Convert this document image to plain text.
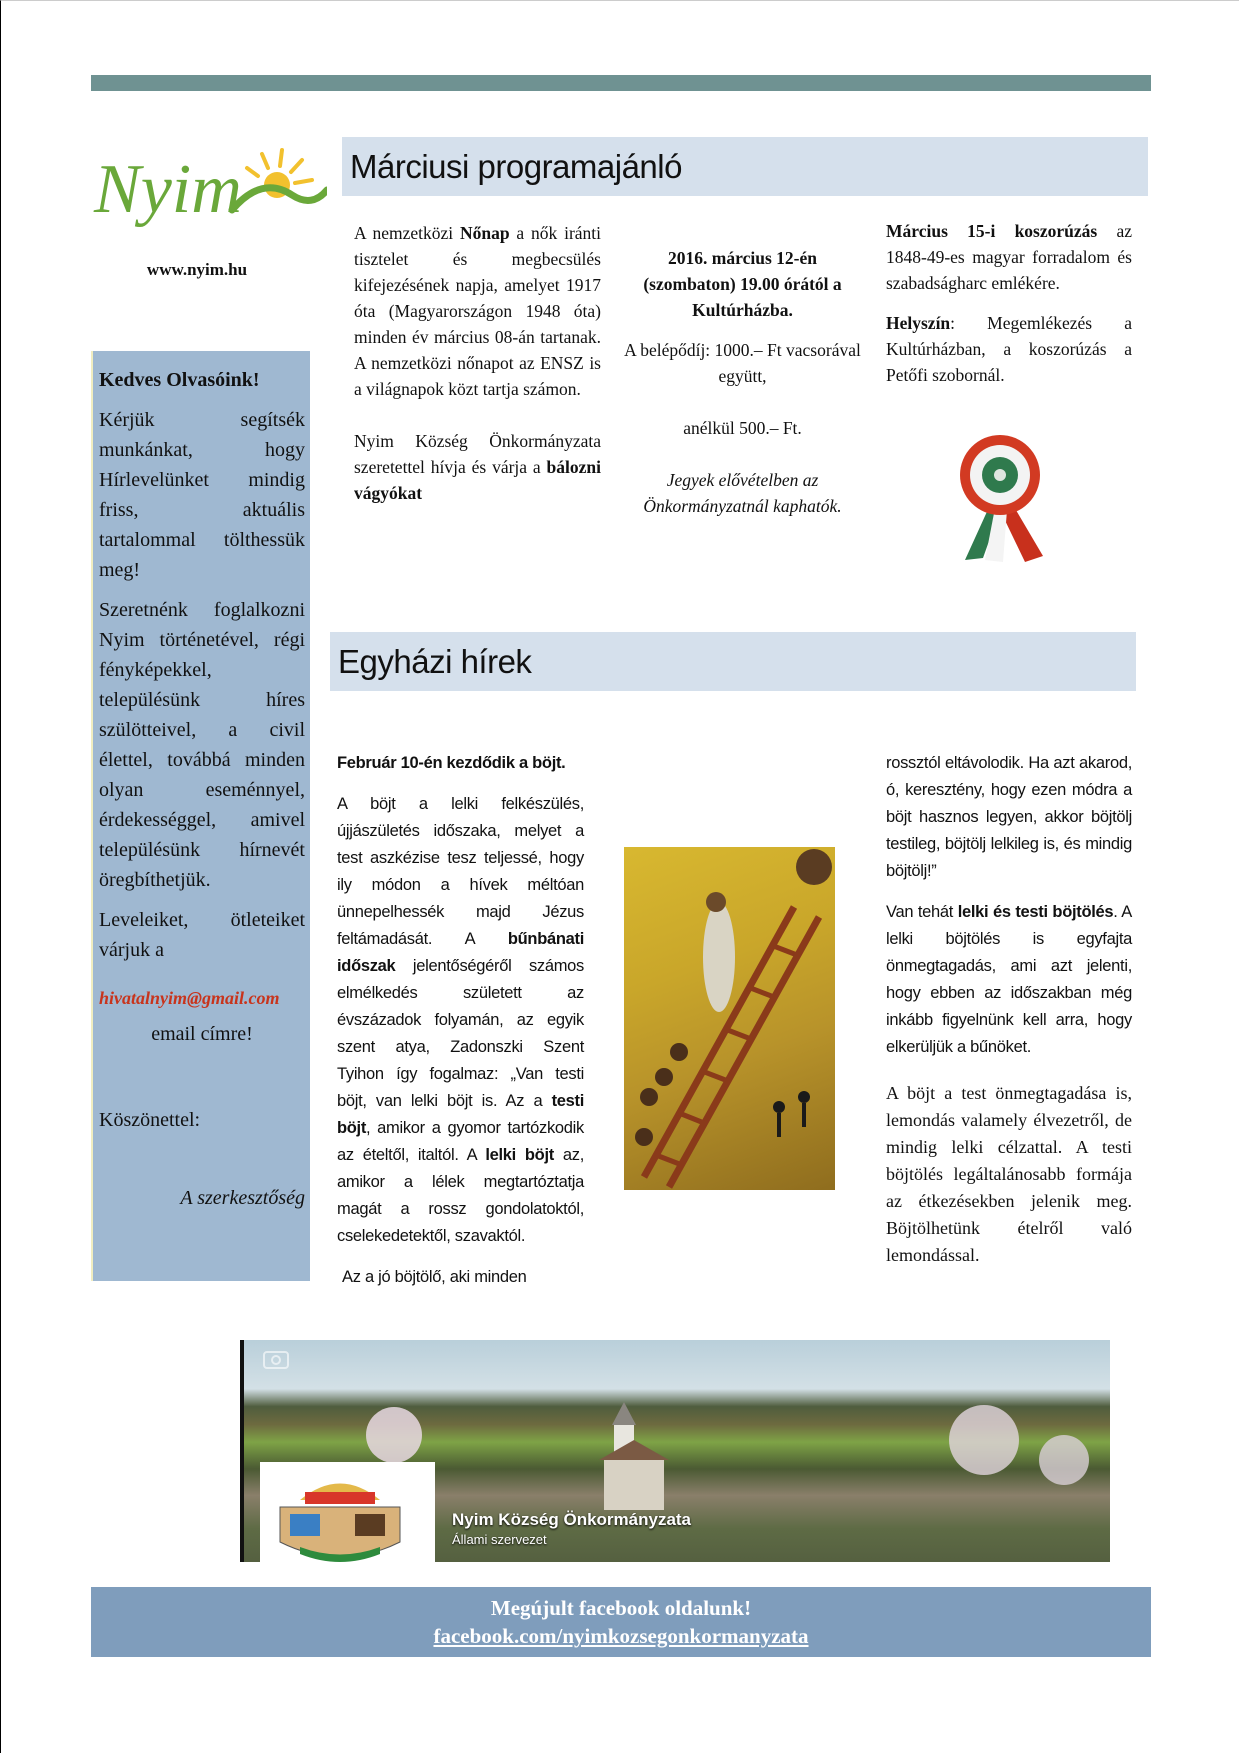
Nyim
www.nyim.hu

Kedves Olvasóink!

Kérjük segítsék munkánkat, hogy Hírlevelünket mindig friss, aktuális tartalommal tölthessük meg!

Szeretnénk foglalkozni Nyim történetével, régi fényképekkel, településünk híres szülötteivel, a civil élettel, továbbá minden olyan eseménnyel, érdekességgel, amivel településünk hírnevét öregbíthetjük.

Leveleiket, ötleteiket várjuk a

hivatalnyim@gmail.com

email címre!

Köszönettel:

A szerkesztőség

Márciusi programajánló

A nemzetközi Nőnap a nők iránti tisztelet és megbecsülés kifejezésének napja, amelyet 1917 óta (Magyarországon 1948 óta) minden év március 08-án tartanak. A nemzetközi nőnapot az ENSZ is a világnapok közt tartja számon.

Nyim Község Önkormányzata szeretettel hívja és várja a bálozni vágyókat

2016. március 12-én (szombaton) 19.00 órától a Kultúrházba.

A belépődíj: 1000.– Ft vacsorával együtt,

anélkül 500.– Ft.

Jegyek elővételben az Önkormányzatnál kaphatók.

Március 15-i koszorúzás az 1848-49-es magyar forradalom és szabadságharc emlékére.

Helyszín: Megemlékezés a Kultúrházban, a koszorúzás a Petőfi szobornál.

Egyházi hírek

Február 10-én kezdődik a böjt.

A böjt a lelki felkészülés, újjászületés időszaka, melyet a test aszkézise tesz teljessé, hogy ily módon a hívek méltóan ünnepelhessék majd Jézus feltámadását. A bűnbánati időszak jelentőségéről számos elmélkedés született az évszázadok folyamán, az egyik szent atya, Zadonszki Szent Tyihon így fogalmaz: „Van testi böjt, van lelki böjt is. Az a testi böjt, amikor a gyomor tartózkodik az ételtől, italtól. A lelki böjt az, amikor a lélek megtartóztatja magát a rossz gondolatoktól, cselekedetektől, szavaktól.

Az a jó böjtölő, aki minden

rossztól eltávolodik. Ha azt akarod, ó, keresztény, hogy ezen módra a böjt hasznos legyen, akkor böjtölj testileg, böjtölj lelkileg is, és mindig böjtölj!”

Van tehát lelki és testi böjtölés. A lelki böjtölés is egyfajta önmegtagadás, ami azt jelenti, hogy ebben az időszakban még inkább figyelnünk kell arra, hogy elkerüljük a bűnöket.

A böjt a test önmegtagadása is, lemondás valamely élvezetről, de mindig lelki célzattal. A testi böjtölés legáltalánosabb formája az étkezésekben jelenik meg. Böjtölhetünk ételről való lemondással.

Nyim Község Önkormányzata
Állami szervezet
Megújult facebook oldalunk!
facebook.com/nyimkozsegonkormanyzata
